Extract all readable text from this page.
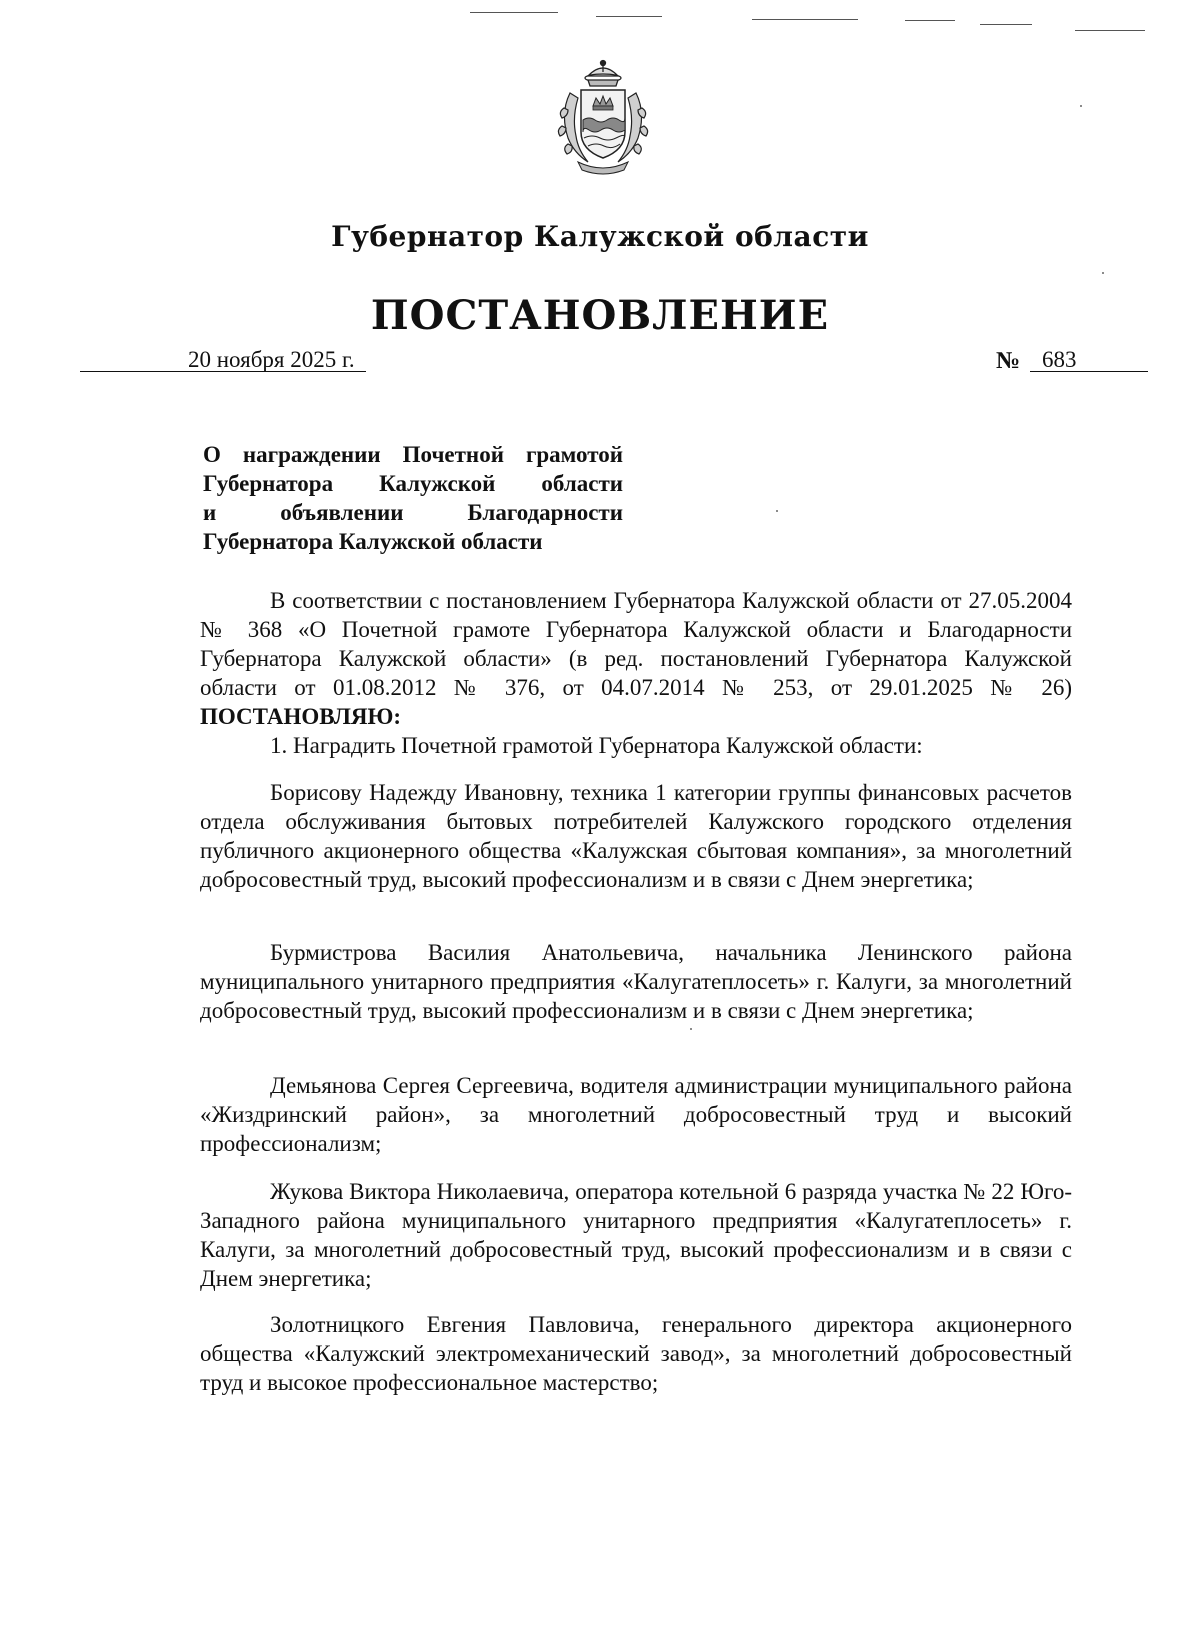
Губернатор Калужской области
ПОСТАНОВЛЕНИЕ
20 ноября 2025 г.	№ 683
О награждении Почетной грамотой
Губернатора Калужской области
и объявлении Благодарности
Губернатора Калужской области

В соответствии с постановлением Губернатора Калужской области от 27.05.2004 № 368 «О Почетной грамоте Губернатора Калужской области и Благодарности Губернатора Калужской области» (в ред. постановлений Губернатора Калужской области от 01.08.2012 № 376, от 04.07.2014 № 253, от 29.01.2025 № 26) ПОСТАНОВЛЯЮ:

1. Наградить Почетной грамотой Губернатора Калужской области:

Борисову Надежду Ивановну, техника 1 категории группы финансовых расчетов отдела обслуживания бытовых потребителей Калужского городского отделения публичного акционерного общества «Калужская сбытовая компания», за многолетний добросовестный труд, высокий профессионализм и в связи с Днем энергетика;

Бурмистрова Василия Анатольевича, начальника Ленинского района муниципального унитарного предприятия «Калугатеплосеть» г. Калуги, за многолетний добросовестный труд, высокий профессионализм и в связи с Днем энергетика;

Демьянова Сергея Сергеевича, водителя администрации муниципального района «Жиздринский район», за многолетний добросовестный труд и высокий профессионализм;

Жукова Виктора Николаевича, оператора котельной 6 разряда участка № 22 Юго-Западного района муниципального унитарного предприятия «Калугатеплосеть» г. Калуги, за многолетний добросовестный труд, высокий профессионализм и в связи с Днем энергетика;

Золотницкого Евгения Павловича, генерального директора акционерного общества «Калужский электромеханический завод», за многолетний добросовестный труд и высокое профессиональное мастерство;
